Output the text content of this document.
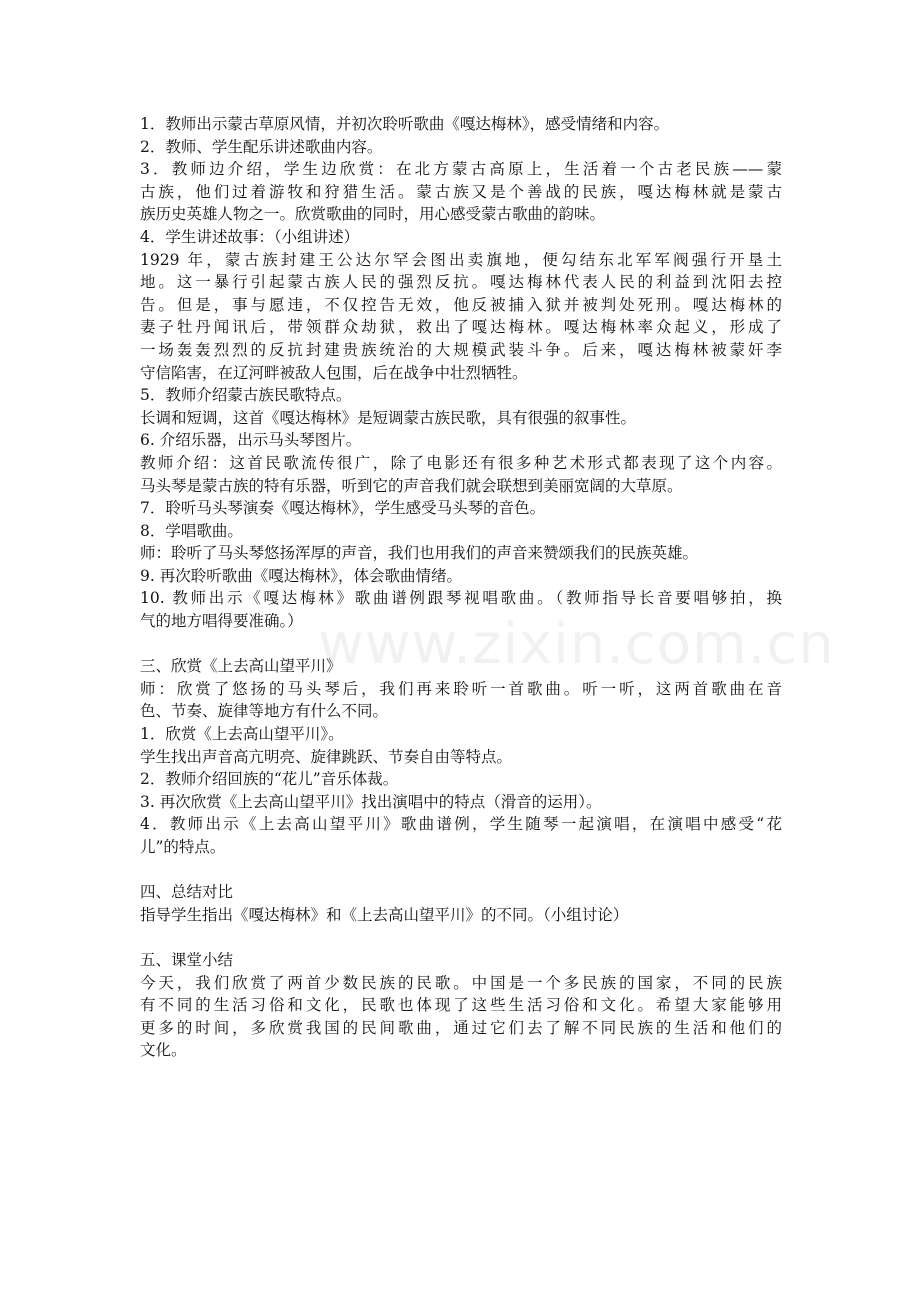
www.zixin.com.cn
1．教师出示蒙古草原风情，并初次聆听歌曲《嘎达梅林》，感受情绪和内容。
2．教师、学生配乐讲述歌曲内容。
3．教师边介绍，学生边欣赏：在北方蒙古高原上，生活着一个古老民族——蒙
古族，他们过着游牧和狩猎生活。蒙古族又是个善战的民族，嘎达梅林就是蒙古
族历史英雄人物之一。欣赏歌曲的同时，用心感受蒙古歌曲的韵味。
4．学生讲述故事：（小组讲述）
1929 年，蒙古族封建王公达尔罕会图出卖旗地，便勾结东北军军阀强行开垦土
地。这一暴行引起蒙古族人民的强烈反抗。嘎达梅林代表人民的利益到沈阳去控
告。但是，事与愿违，不仅控告无效，他反被捕入狱并被判处死刑。嘎达梅林的
妻子牡丹闻讯后，带领群众劫狱，救出了嘎达梅林。嘎达梅林率众起义，形成了
一场轰轰烈烈的反抗封建贵族统治的大规模武装斗争。后来，嘎达梅林被蒙奸李
守信陷害，在辽河畔被敌人包围，后在战争中壮烈牺牲。
5．教师介绍蒙古族民歌特点。
长调和短调，这首《嘎达梅林》是短调蒙古族民歌，具有很强的叙事性。
6. 介绍乐器，出示马头琴图片。
教师介绍：这首民歌流传很广，除了电影还有很多种艺术形式都表现了这个内容。
马头琴是蒙古族的特有乐器，听到它的声音我们就会联想到美丽宽阔的大草原。
7．聆听马头琴演奏《嘎达梅林》，学生感受马头琴的音色。
8．学唱歌曲。
师：聆听了马头琴悠扬浑厚的声音，我们也用我们的声音来赞颂我们的民族英雄。
9. 再次聆听歌曲《嘎达梅林》，体会歌曲情绪。
10. 教师出示《嘎达梅林》歌曲谱例跟琴视唱歌曲。（教师指导长音要唱够拍，换
气的地方唱得要准确。）
三、欣赏《上去高山望平川》
师：欣赏了悠扬的马头琴后，我们再来聆听一首歌曲。听一听，这两首歌曲在音
色、节奏、旋律等地方有什么不同。
1．欣赏《上去高山望平川》。
学生找出声音高亢明亮、旋律跳跃、节奏自由等特点。
2．教师介绍回族的“花儿”音乐体裁。
3. 再次欣赏《上去高山望平川》找出演唱中的特点（滑音的运用）。
4．教师出示《上去高山望平川》歌曲谱例，学生随琴一起演唱，在演唱中感受“花
儿”的特点。
四、总结对比
指导学生指出《嘎达梅林》和《上去高山望平川》的不同。（小组讨论）
五、课堂小结
今天，我们欣赏了两首少数民族的民歌。中国是一个多民族的国家，不同的民族
有不同的生活习俗和文化，民歌也体现了这些生活习俗和文化。希望大家能够用
更多的时间，多欣赏我国的民间歌曲，通过它们去了解不同民族的生活和他们的
文化。
